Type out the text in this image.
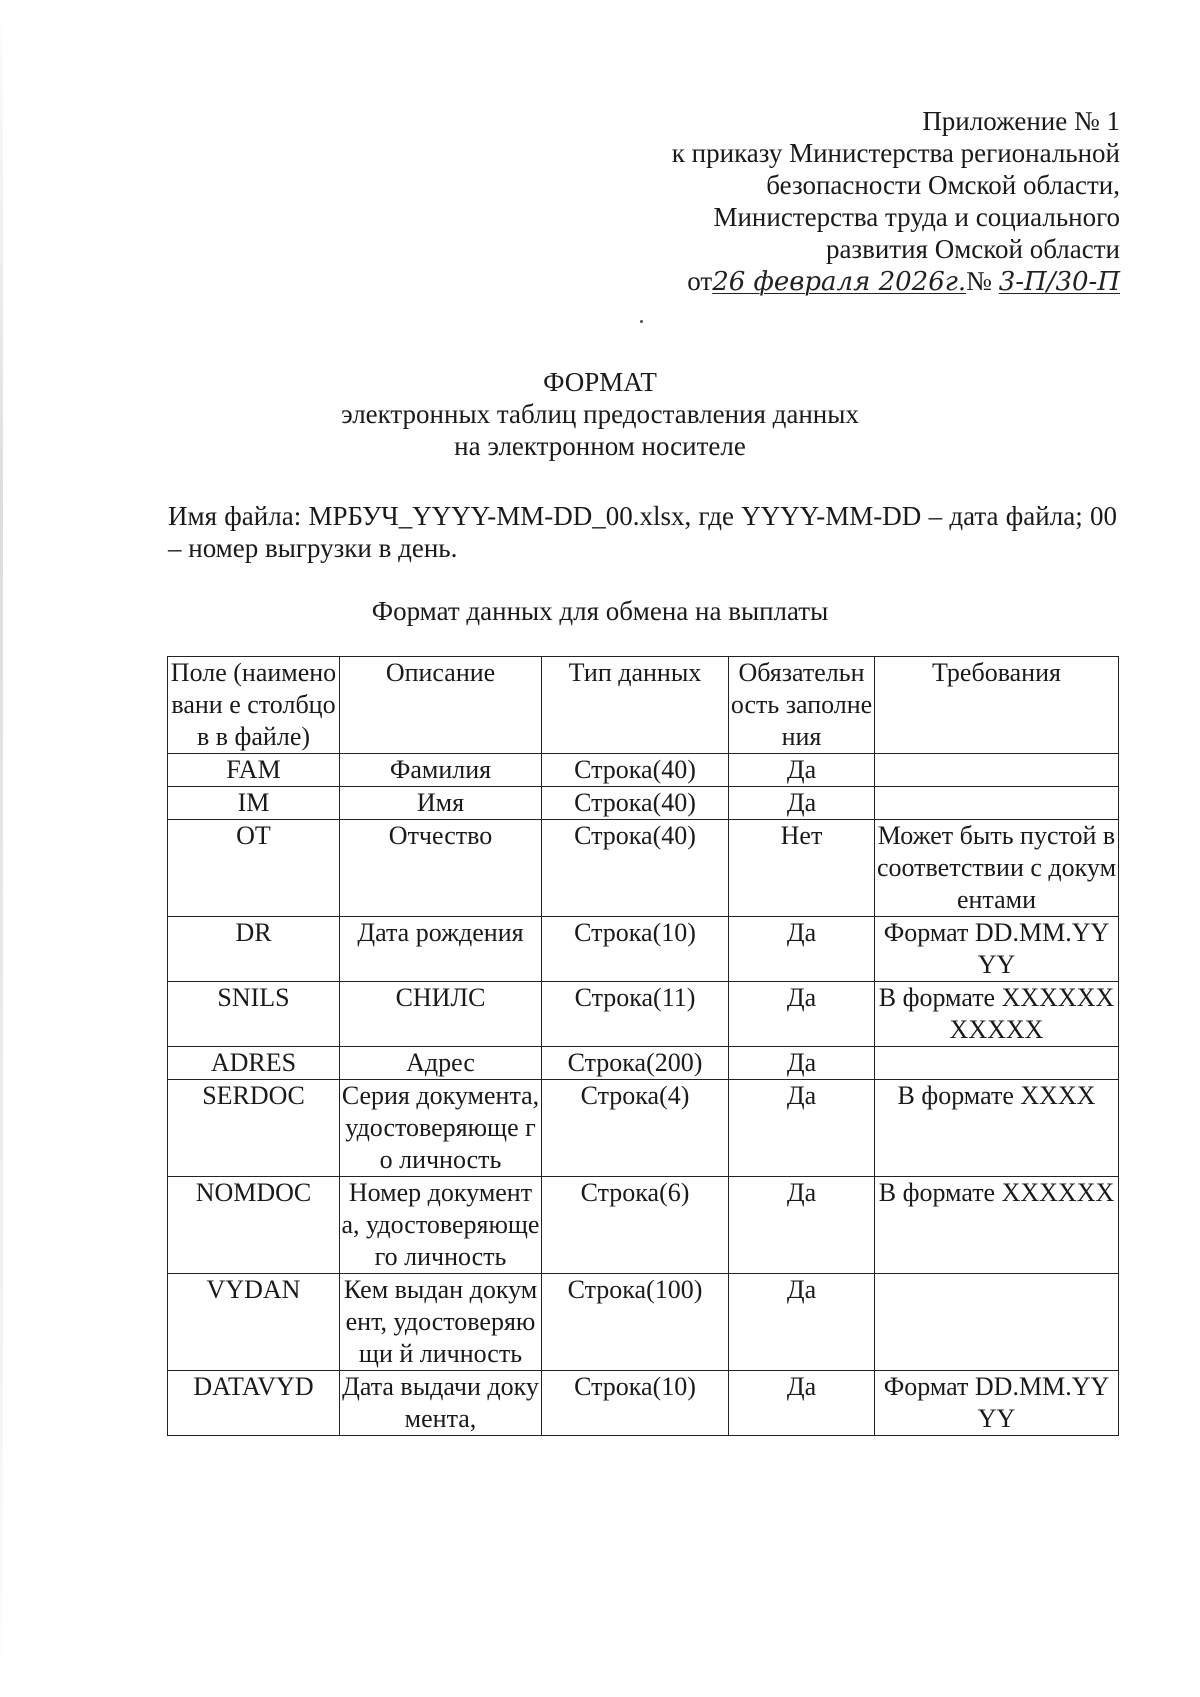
Приложение № 1
к приказу Министерства региональной
безопасности Омской области,
Министерства труда и социального
развития Омской области
от26 февраля 2026г.№ 3-П/30-П
ФОРМАТ
электронных таблиц предоставления данных
на электронном носителе
Имя файла: МРБУЧ_YYYY-MM-DD_00.xlsx, где YYYY-MM-DD – дата файла; 00 – номер выгрузки в день.
Формат данных для обмена на выплаты
Поле (наименовани е столбцов в файле)	Описание	Тип данных	Обязательн ость заполнения	Требования
FAM	Фамилия	Строка(40)	Да	
IM	Имя	Строка(40)	Да	
OT	Отчество	Строка(40)	Нет	Может быть пустой в соответствии с документами
DR	Дата рождения	Строка(10)	Да	Формат DD.MM.YYYY
SNILS	СНИЛС	Строка(11)	Да	В формате XXXXXXXXXXX
ADRES	Адрес	Строка(200)	Да	
SERDOC	Серия документа, удостоверяюще го личность	Строка(4)	Да	В формате XXXX
NOMDOC	Номер документа, удостоверяюще го личность	Строка(6)	Да	В формате XXXXXX
VYDAN	Кем выдан документ, удостоверяющи й личность	Строка(100)	Да	
DATAVYD	Дата выдачи документа,	Строка(10)	Да	Формат DD.MM.YYYY
